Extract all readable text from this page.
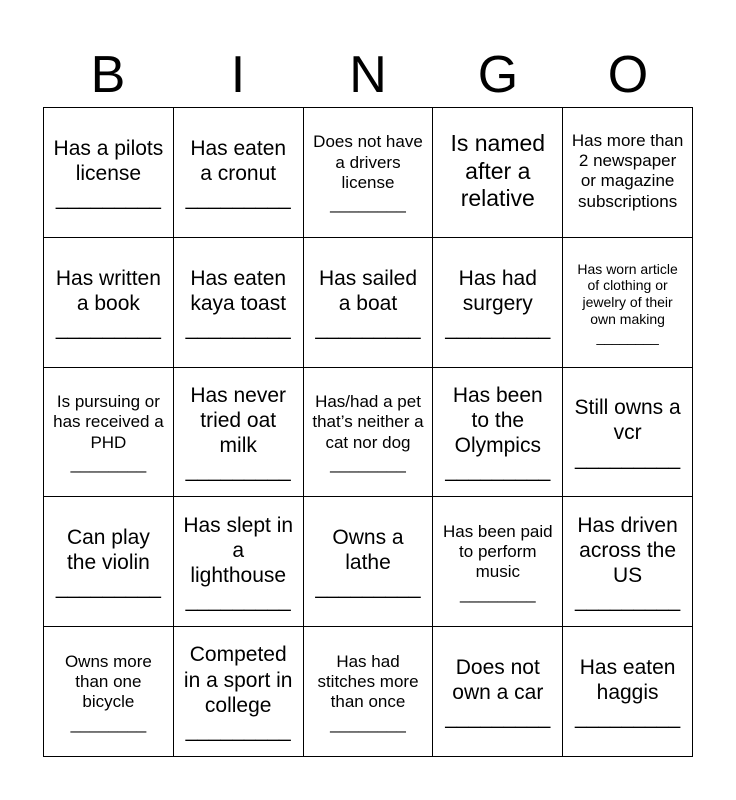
B	I	N	G	O
Has a pilots license
_________
Has eaten a cronut
_________
Does not have a drivers license
________
Is named after a relative
Has more than 2 newspaper or magazine subscriptions
Has written a book
_________
Has eaten kaya toast
_________
Has sailed a boat
_________
Has had surgery
_________
Has worn article of clothing or jewelry of their own making
________
Is pursuing or has received a PHD
________
Has never tried oat milk
_________
Has/had a pet that’s neither a cat nor dog
________
Has been to the Olympics
_________
Still owns a vcr
_________
Can play the violin
_________
Has slept in a lighthouse
_________
Owns a lathe
_________
Has been paid to perform music
________
Has driven across the US
_________
Owns more than one bicycle
________
Competed in a sport in college
_________
Has had stitches more than once
________
Does not own a car
_________
Has eaten haggis
_________
